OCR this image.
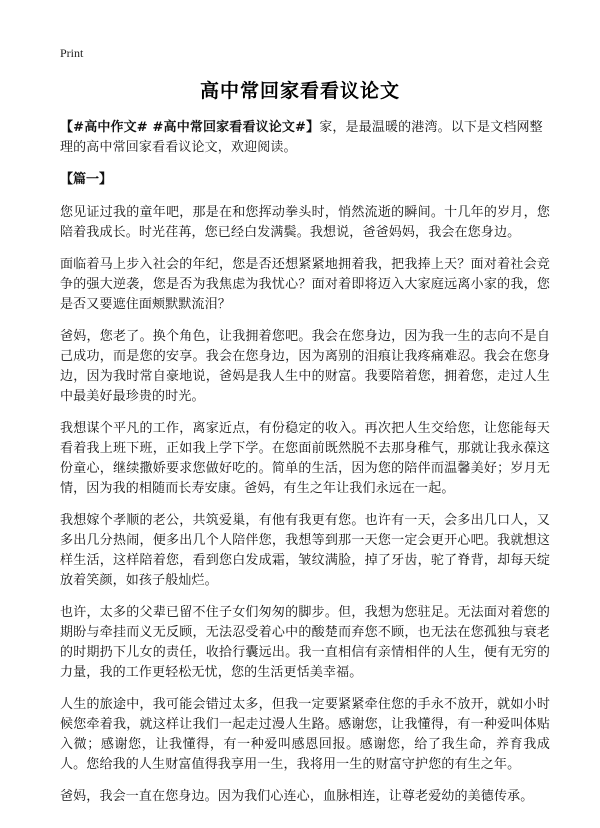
Print
高中常回家看看议论文

【#高中作文# #高中常回家看看议论文#】家，是最温暖的港湾。以下是文档网整理的高中常回家看看议论文，欢迎阅读。

【篇一】

您见证过我的童年吧，那是在和您挥动拳头时，悄然流逝的瞬间。十几年的岁月，您陪着我成长。时光荏苒，您已经白发满鬓。我想说，爸爸妈妈，我会在您身边。

面临着马上步入社会的年纪，您是否还想紧紧地拥着我，把我捧上天？面对着社会竞争的强大逆袭，您是否为我焦虑为我忧心？面对着即将迈入大家庭远离小家的我，您是否又要遮住面颊默默流泪？

爸妈，您老了。换个角色，让我拥着您吧。我会在您身边，因为我一生的志向不是自己成功，而是您的安享。我会在您身边，因为离别的泪痕让我疼痛难忍。我会在您身边，因为我时常自豪地说，爸妈是我人生中的财富。我要陪着您，拥着您，走过人生中最美好最珍贵的时光。

我想谋个平凡的工作，离家近点，有份稳定的收入。再次把人生交给您，让您能每天看着我上班下班，正如我上学下学。在您面前既然脱不去那身稚气，那就让我永葆这份童心，继续撒娇要求您做好吃的。简单的生活，因为您的陪伴而温馨美好；岁月无情，因为我的相随而长寿安康。爸妈，有生之年让我们永远在一起。

我想嫁个孝顺的老公，共筑爱巢，有他有我更有您。也许有一天，会多出几口人，又多出几分热闹，便多出几个人陪伴您，我想等到那一天您一定会更开心吧。我就想这样生活，这样陪着您，看到您白发成霜，皱纹满脸，掉了牙齿，驼了脊背，却每天绽放着笑颜，如孩子般灿烂。

也许，太多的父辈已留不住子女们匆匆的脚步。但，我想为您驻足。无法面对着您的期盼与牵挂而义无反顾，无法忍受着心中的酸楚而弃您不顾，也无法在您孤独与衰老的时期扔下儿女的责任，收拾行囊远出。我一直相信有亲情相伴的人生，便有无穷的力量，我的工作更轻松无忧，您的生活更恬美幸福。

人生的旅途中，我可能会错过太多，但我一定要紧紧牵住您的手永不放开，就如小时候您牵着我，就这样让我们一起走过漫人生路。感谢您，让我懂得，有一种爱叫体贴入微；感谢您，让我懂得，有一种爱叫感恩回报。感谢您，给了我生命，养育我成人。您给我的人生财富值得我享用一生，我将用一生的财富守护您的有生之年。

爸妈，我会一直在您身边。因为我们心连心，血脉相连，让尊老爱幼的美德传承。
